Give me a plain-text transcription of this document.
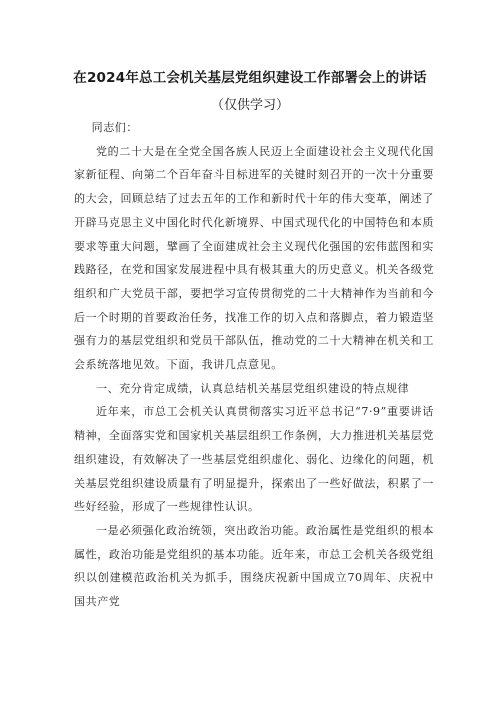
在2024年总工会机关基层党组织建设工作部署会上的讲话
（仅供学习）

同志们：

党的二十大是在全党全国各族人民迈上全面建设社会主义现代化国家新征程、向第二个百年奋斗目标进军的关键时刻召开的一次十分重要的大会，回顾总结了过去五年的工作和新时代十年的伟大变革，阐述了开辟马克思主义中国化时代化新境界、中国式现代化的中国特色和本质要求等重大问题，擘画了全面建成社会主义现代化强国的宏伟蓝图和实践路径，在党和国家发展进程中具有极其重大的历史意义。机关各级党组织和广大党员干部，要把学习宣传贯彻党的二十大精神作为当前和今后一个时期的首要政治任务，找准工作的切入点和落脚点，着力锻造坚强有力的基层党组织和党员干部队伍，推动党的二十大精神在机关和工会系统落地见效。下面，我讲几点意见。

一、充分肯定成绩，认真总结机关基层党组织建设的特点规律

近年来，市总工会机关认真贯彻落实习近平总书记“7·9”重要讲话精神，全面落实党和国家机关基层组织工作条例，大力推进机关基层党组织建设，有效解决了一些基层党组织虚化、弱化、边缘化的问题，机关基层党组织建设质量有了明显提升，探索出了一些好做法，积累了一些好经验，形成了一些规律性认识。

一是必须强化政治统领，突出政治功能。政治属性是党组织的根本属性，政治功能是党组织的基本功能。近年来，市总工会机关各级党组织以创建模范政治机关为抓手，围绕庆祝新中国成立70周年、庆祝中国共产党
